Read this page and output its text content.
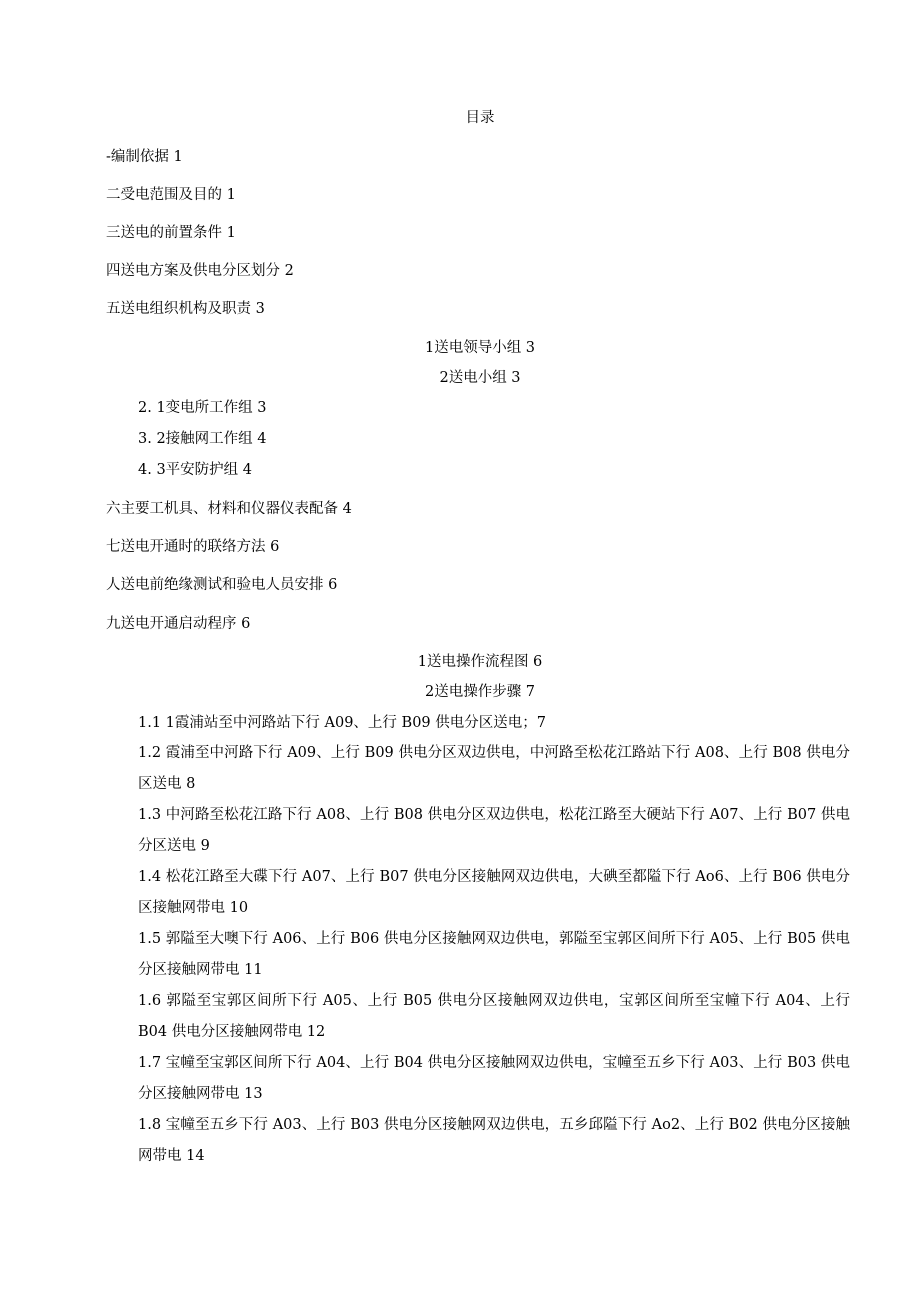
目录

-编制依据 1

二受电范围及目的 1

三送电的前置条件 1

四送电方案及供电分区划分 2

五送电组织机构及职责 3

1送电领导小组 3

2送电小组 3

2. 1变电所工作组 3

3. 2接触网工作组 4

4. 3平安防护组 4

六主要工机具、材料和仪器仪表配备 4

七送电开通时的联络方法 6

人送电前绝缘测试和验电人员安排 6

九送电开通启动程序 6

1送电操作流程图 6

2送电操作步骤 7

1.1 1霞浦站至中河路站下行 A09、上行 B09 供电分区送电；7

1.2 霞浦至中河路下行 A09、上行 B09 供电分区双边供电，中河路至松花江路站下行 A08、上行 B08 供电分区送电 8

1.3 中河路至松花江路下行 A08、上行 B08 供电分区双边供电，松花江路至大硬站下行 A07、上行 B07 供电分区送电 9

1.4 松花江路至大碟下行 A07、上行 B07 供电分区接触网双边供电，大碘至都隘下行 Ao6、上行 B06 供电分区接触网带电 10

1.5 郭隘至大噢下行 A06、上行 B06 供电分区接触网双边供电，郭隘至宝郭区间所下行 A05、上行 B05 供电分区接触网带电 11

1.6 郭隘至宝郭区间所下行 A05、上行 B05 供电分区接触网双边供电，宝郭区间所至宝幢下行 A04、上行 B04 供电分区接触网带电 12

1.7 宝幢至宝郭区间所下行 A04、上行 B04 供电分区接触网双边供电，宝幢至五乡下行 A03、上行 B03 供电分区接触网带电 13

1.8 宝幢至五乡下行 A03、上行 B03 供电分区接触网双边供电，五乡邱隘下行 Ao2、上行 B02 供电分区接触网带电 14
